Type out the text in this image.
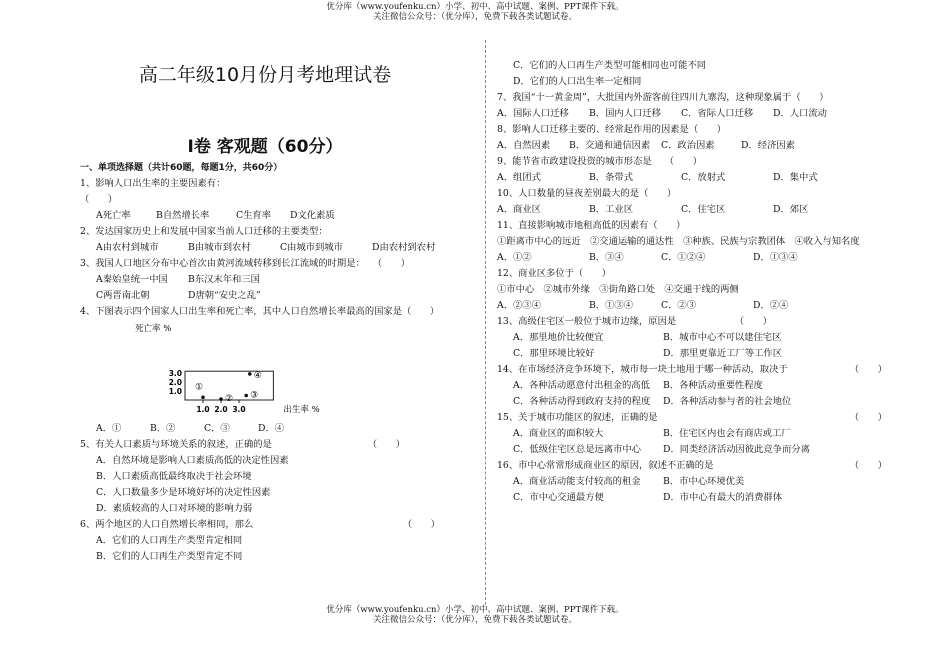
优分库（www.youfenku.cn）小学、初中、高中试题、案例、PPT课件下载。
关注微信公众号：（优分库），免费下载各类试题试卷。
高二年级10月份月考地理试卷
Ⅰ卷 客观题（60分）
一、单项选择题（共计60题，每题1分，共60分）
1、影响人口出生率的主要因素有：
（　　）
A死亡率	B自然增长率	C生育率 D文化素质
2、发达国家历史上和发展中国家当前人口迁移的主要类型：
A由农村到城市	B由城市到农村	C由城市到城市	D由农村到农村
3、我国人口地区分布中心首次由黄河流域转移到长江流域的时期是： （　　）
A秦始皇统一中国 B东汉末年和三国
C两晋南北朝	D唐朝“安史之乱”
4、下图表示四个国家人口出生率和死亡率，其中人口自然增长率最高的国家是（　　）
3.0
2.0
1.0
1.0 2.0 3.0
死亡率 %
出生率 %
①
② ③
④
A．①	B．②	C．③	D．④
5、有关人口素质与环境关系的叙述，正确的是	（　　）
A．自然环境是影响人口素质高低的决定性因素
B．人口素质高低最终取决于社会环境
C．人口数量多少是环境好坏的决定性因素
D．素质较高的人口对环境的影响力弱
6、两个地区的人口自然增长率相同，那么	（　　）
A．它们的人口再生产类型肯定相同
B．它们的人口再生产类型肯定不同
C．它们的人口再生产类型可能相同也可能不同
D．它们的人口出生率一定相同
7、我国“十一黄金周”，大批国内外游客前往四川九寨沟，这种现象属于（　　）
A．国际人口迁移 B．国内人口迁移 C．省际人口迁移 D．人口流动
8、影响人口迁移主要的、经常起作用的因素是（　　）
A．自然因素 B．交通和通信因素 C．政治因素	D．经济因素
9、能节省市政建设投资的城市形态是 （　　）
A．组团式	B．条带式	C．放射式	D．集中式
10、人口数量的昼夜差别最大的是（　　）
A．商业区	B．工业区	C．住宅区	D．郊区
11、直接影响城市地租高低的因素有（　　）
①距离市中心的远近　②交通运输的通达性　③种族、民族与宗教团体　④收入与知名度
A．①②	B．③④	C．①②④	D．①③④
12、商业区多位于（　　）
①市中心　②城市外缘　③街角路口处　④交通干线的两侧
A．②③④	B．①③④	C．②③	D．②④
13、高级住宅区一般位于城市边缘，原因是	（　　）
A．那里地价比较便宜	B．城市中心不可以建住宅区
C．那里环境比较好	D．那里更靠近工厂等工作区
14、在市场经济竞争环境下，城市每一块土地用于哪一种活动，取决于	（　　）
A．各种活动愿意付出租金的高低 B．各种活动重要性程度
C．各种活动得到政府支持的程度 D．各种活动参与者的社会地位
15、关于城市功能区的叙述，正确的是	（　　）
A．商业区的面积较大	B．住宅区内也会有商店或工厂
C．低级住宅区总是远离市中心 D．同类经济活动因彼此竞争而分离
16、市中心常常形成商业区的原因，叙述不正确的是	（　　）
A．商业活动能支付较高的租金 B．市中心环境优美
C．市中心交通最方便	D．市中心有最大的消费群体
优分库（www.youfenku.cn）小学、初中、高中试题、案例、PPT课件下载。
关注微信公众号：（优分库），免费下载各类试题试卷。
